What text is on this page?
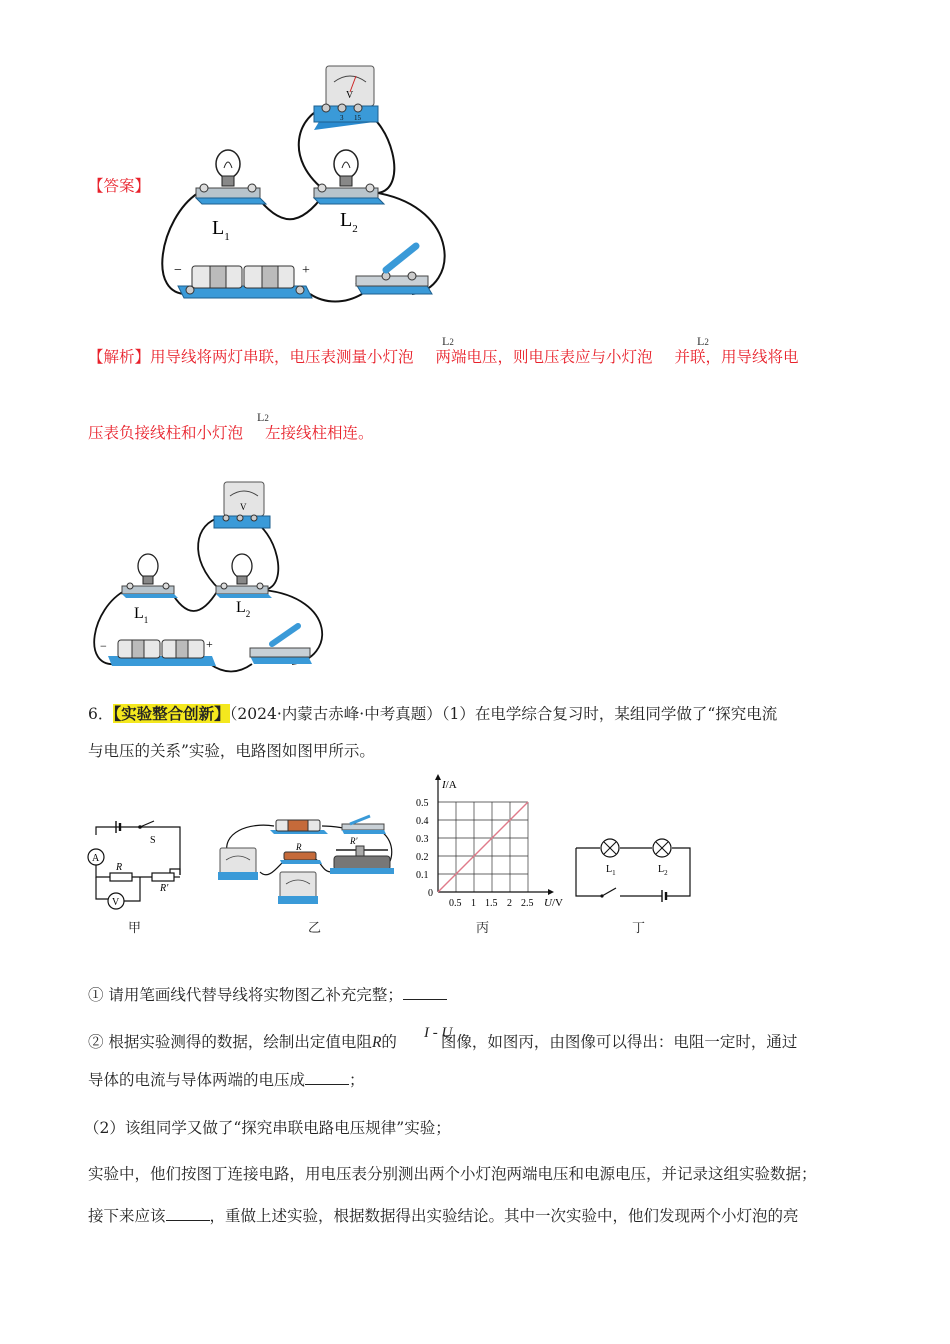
【答案】
V
3 15
$L_1$
$L_2$
−	+
【解析】用导线将两灯串联，电压表测量小灯泡 两端电压，则电压表应与小灯泡 并联，用导线将电
L2	L2
压表负接线柱和小灯泡 左接线柱相连。
L2
V
$L_1$
$L_2$
−	+
6．【实验整合创新】（2024·内蒙古赤峰·中考真题）（1）在电学综合复习时，某组同学做了“探究电流
与电压的关系”实验，电路图如图甲所示。
S
A
R
R'
V
R
R'
0.5 1 1.5 2 2.5
0.5
0.4
0.3
0.2
0.1
0
I/A
U/V
$L_1$	$L_2$
甲	乙	丙	丁
① 请用笔画线代替导线将实物图乙补充完整；
② 根据实验测得的数据，绘制出定值电阻R的	图像，如图丙，由图像可以得出：电阻一定时，通过
I - U
导体的电流与导体两端的电压成	；
（2）该组同学又做了“探究串联电路电压规律”实验；
实验中，他们按图丁连接电路，用电压表分别测出两个小灯泡两端电压和电源电压，并记录这组实验数据；
接下来应该	，重做上述实验，根据数据得出实验结论。其中一次实验中，他们发现两个小灯泡的亮
